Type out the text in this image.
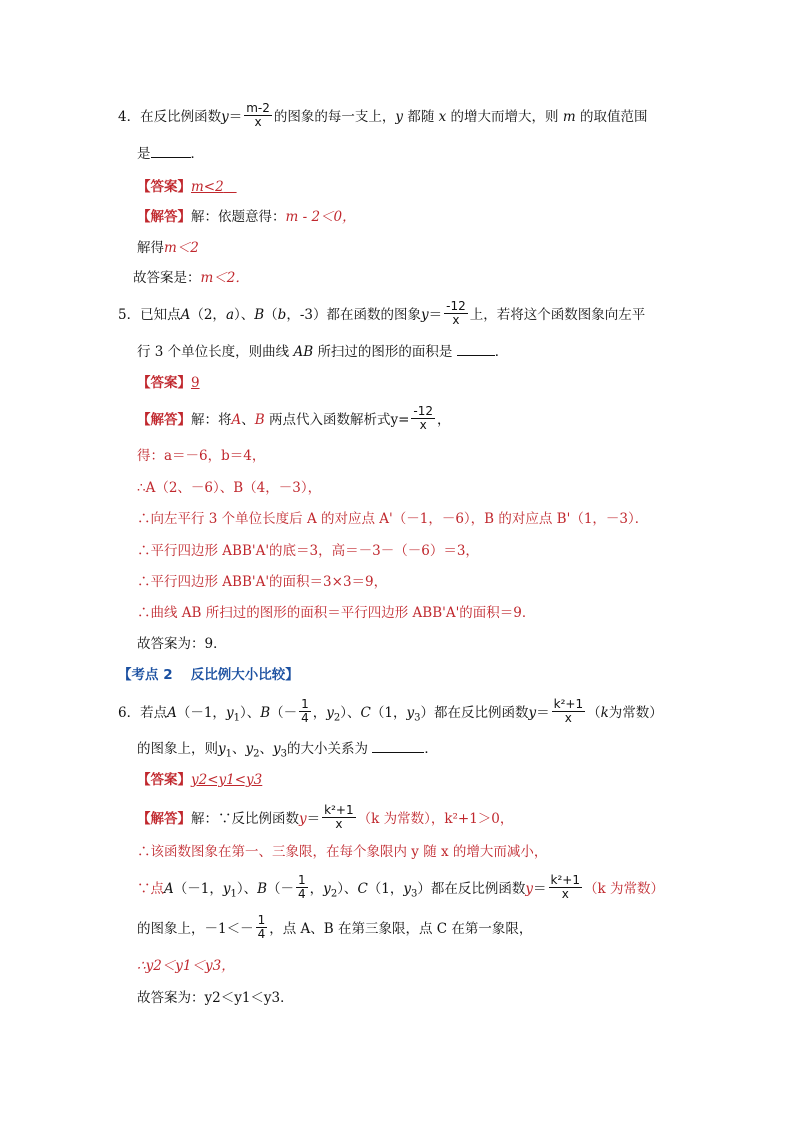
4．在反比例函数$y= \frac{m-2}{x}$ 的图象的每一支上，y 都随 x 的增大而增大，则 m 的取值范围
是	．
【答案】m<2
【解答】解：依题意得：m - 2＜0，
解得m＜2
故答案是：m＜2．
5．已知点A（2，a）、B（b，-3）都在函数的图象$y= \frac{-12}{x}$ 上，若将这个函数图象向左平
行 3 个单位长度，则曲线 AB 所扫过的图形的面积是	．
【答案】9
【解答】解：将A、B 两点代入函数解析式$y= \frac{-12}{x}$ ，
得：a＝－6，b＝4，
∴A（2、－6）、B（4，－3），
∴向左平行 3 个单位长度后 A 的对应点 A'（－1，－6），B 的对应点 B'（1，－3）．
∴平行四边形 ABB'A'的底＝3，高＝－3－（－6）＝3，
∴平行四边形 ABB'A'的面积＝3×3＝9，
∴曲线 AB 所扫过的图形的面积＝平行四边形 ABB'A'的面积＝9．
故答案为：9．
【考点 2　 反比例大小比较】
6．若点A（－1，$y_1$）、$B(- \frac{1}{4}$ ，$y_2$）、C（1，$y_3$）都在反比例函数$y= \frac{\text{k²+1}}{x} (k$为常数）
的图象上，则$y_1$、$y_2$、$y_3$的大小关系为	．
【答案】y2<y1<y3
【解答】解：∵反比例函数$y= \frac{\text{k²+1}}{x} (k$ 为常数），k²+1＞0，
∴该函数图象在第一、三象限，在每个象限内 y 随 x 的增大而减小，
∵点A（－1，$y_1$）、$B(- \frac{1}{4}$ ，$y_2$）、C（1，$y_3$）都在反比例函数$y= \frac{\text{k²+1}}{x} (k$ 为常数）
的图象上，$-1<- \frac{1}{4}$ ，点 A、B 在第三象限，点 C 在第一象限，
∴y2＜y1＜y3，
故答案为：y2＜y1＜y3．
